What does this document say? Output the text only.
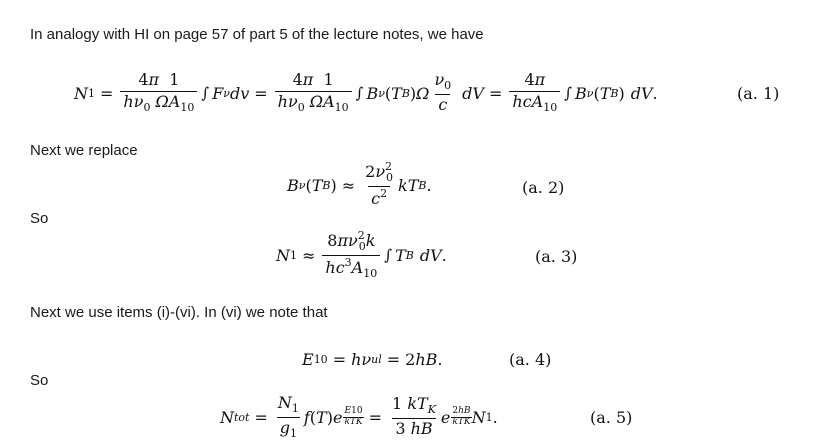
In analogy with HI on page 57 of part 5 of the lecture notes, we have
Next we replace
So
Next we use items (i)-(vi). In (vi) we note that
So
N $1 = \frac{4\pi 1}{h\nu_0 \Omega A_{10}}$ ∫ F ν dv = $\frac{4\pi 1}{h\nu_0 \Omega A_{10}}$ ∫ B ν ( T B ) Ω $\frac{\nu_0}{c}$ dV = $\frac{4\pi}{hcA_{10}}$ ∫ B ν ( T B ) dV .	(a. 1)
B ν ( T B ) ≈ $\frac{2\nu^2_0}{c^2}$ kT B .	(a. 2)
N $1 \approx \frac{8\pi\nu^2_0k}{hc^3A_{10}}$ ∫ T B dV .	(a. 3)
E 10 = hν ul = 2 hB .	(a. 4)
N tot = $\frac{N_1}{g_1}$ f ( T ) e $\frac{E10}{\text{kTK}} = \frac{1 kT_K}{3 hB}$ e $\frac{2hB}{\text{kTK}}$ N 1 .	(a. 5)
